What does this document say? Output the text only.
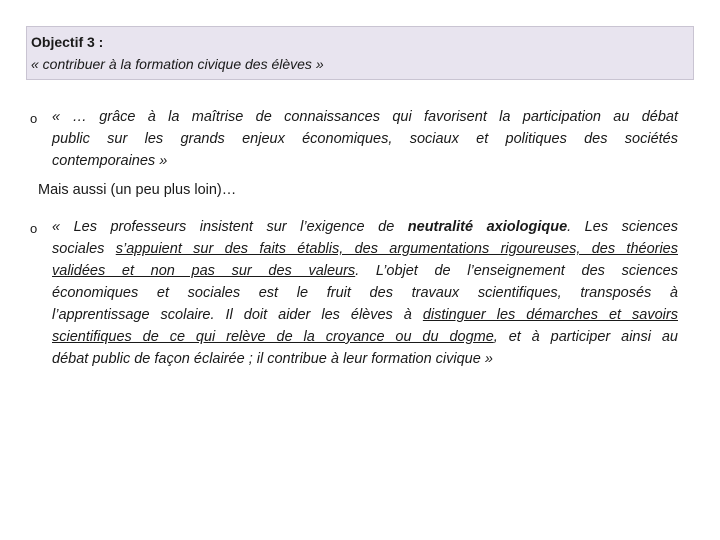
Objectif 3 :
« contribuer à la formation civique des élèves »
o « … grâce à la maîtrise de connaissances qui favorisent la participation au débat
public sur les grands enjeux économiques, sociaux et politiques des sociétés
contemporaines »
Mais aussi (un peu plus loin)…
o « Les professeurs insistent sur l’exigence de neutralité axiologique. Les sciences
sociales s’appuient sur des faits établis, des argumentations rigoureuses, des théories
validées et non pas sur des valeurs. L’objet de l’enseignement des sciences
économiques et sociales est le fruit des travaux scientifiques, transposés à
l’apprentissage scolaire. Il doit aider les élèves à distinguer les démarches et savoirs
scientifiques de ce qui relève de la croyance ou du dogme, et à participer ainsi au
débat public de façon éclairée ; il contribue à leur formation civique »
